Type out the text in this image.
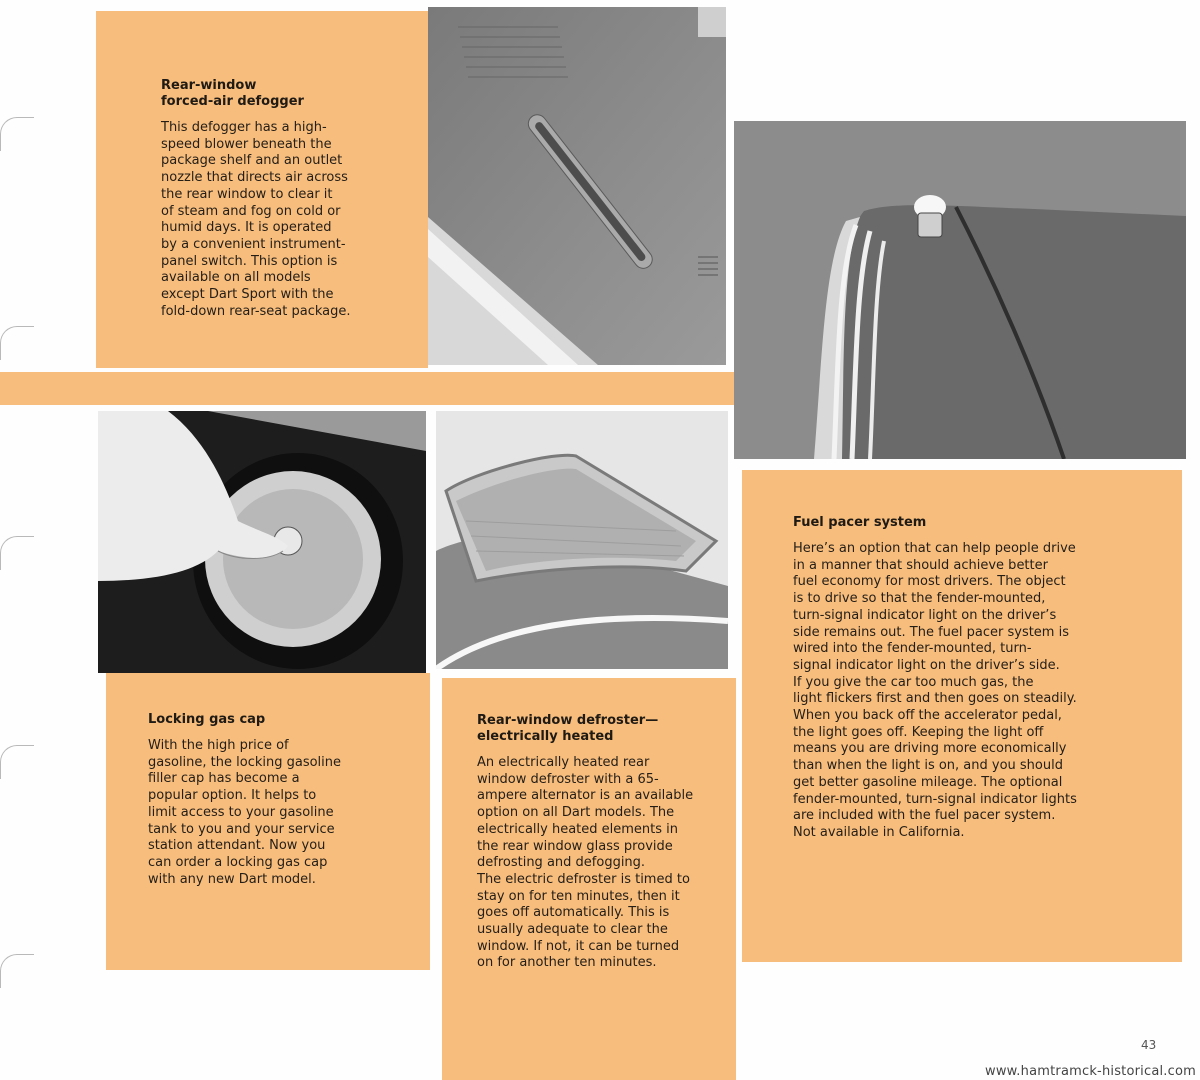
Rear-window
forced-air defogger

This defogger has a high-
speed blower beneath the
package shelf and an outlet
nozzle that directs air across
the rear window to clear it
of steam and fog on cold or
humid days. It is operated
by a convenient instrument-
panel switch. This option is
available on all models
except Dart Sport with the
fold-down rear-seat package.

Locking gas cap

With the high price of
gasoline, the locking gasoline
filler cap has become a
popular option. It helps to
limit access to your gasoline
tank to you and your service
station attendant. Now you
can order a locking gas cap
with any new Dart model.

Rear-window defroster—
electrically heated

An electrically heated rear
window defroster with a 65-
ampere alternator is an available
option on all Dart models. The
electrically heated elements in
the rear window glass provide
defrosting and defogging.
The electric defroster is timed to
stay on for ten minutes, then it
goes off automatically. This is
usually adequate to clear the
window. If not, it can be turned
on for another ten minutes.

Fuel pacer system

Here’s an option that can help people drive
in a manner that should achieve better
fuel economy for most drivers. The object
is to drive so that the fender-mounted,
turn-signal indicator light on the driver’s
side remains out. The fuel pacer system is
wired into the fender-mounted, turn-
signal indicator light on the driver’s side.
If you give the car too much gas, the
light flickers first and then goes on steadily.
When you back off the accelerator pedal,
the light goes off. Keeping the light off
means you are driving more economically
than when the light is on, and you should
get better gasoline mileage. The optional
fender-mounted, turn-signal indicator lights
are included with the fuel pacer system.
Not available in California.

43
www.hamtramck-historical.com
